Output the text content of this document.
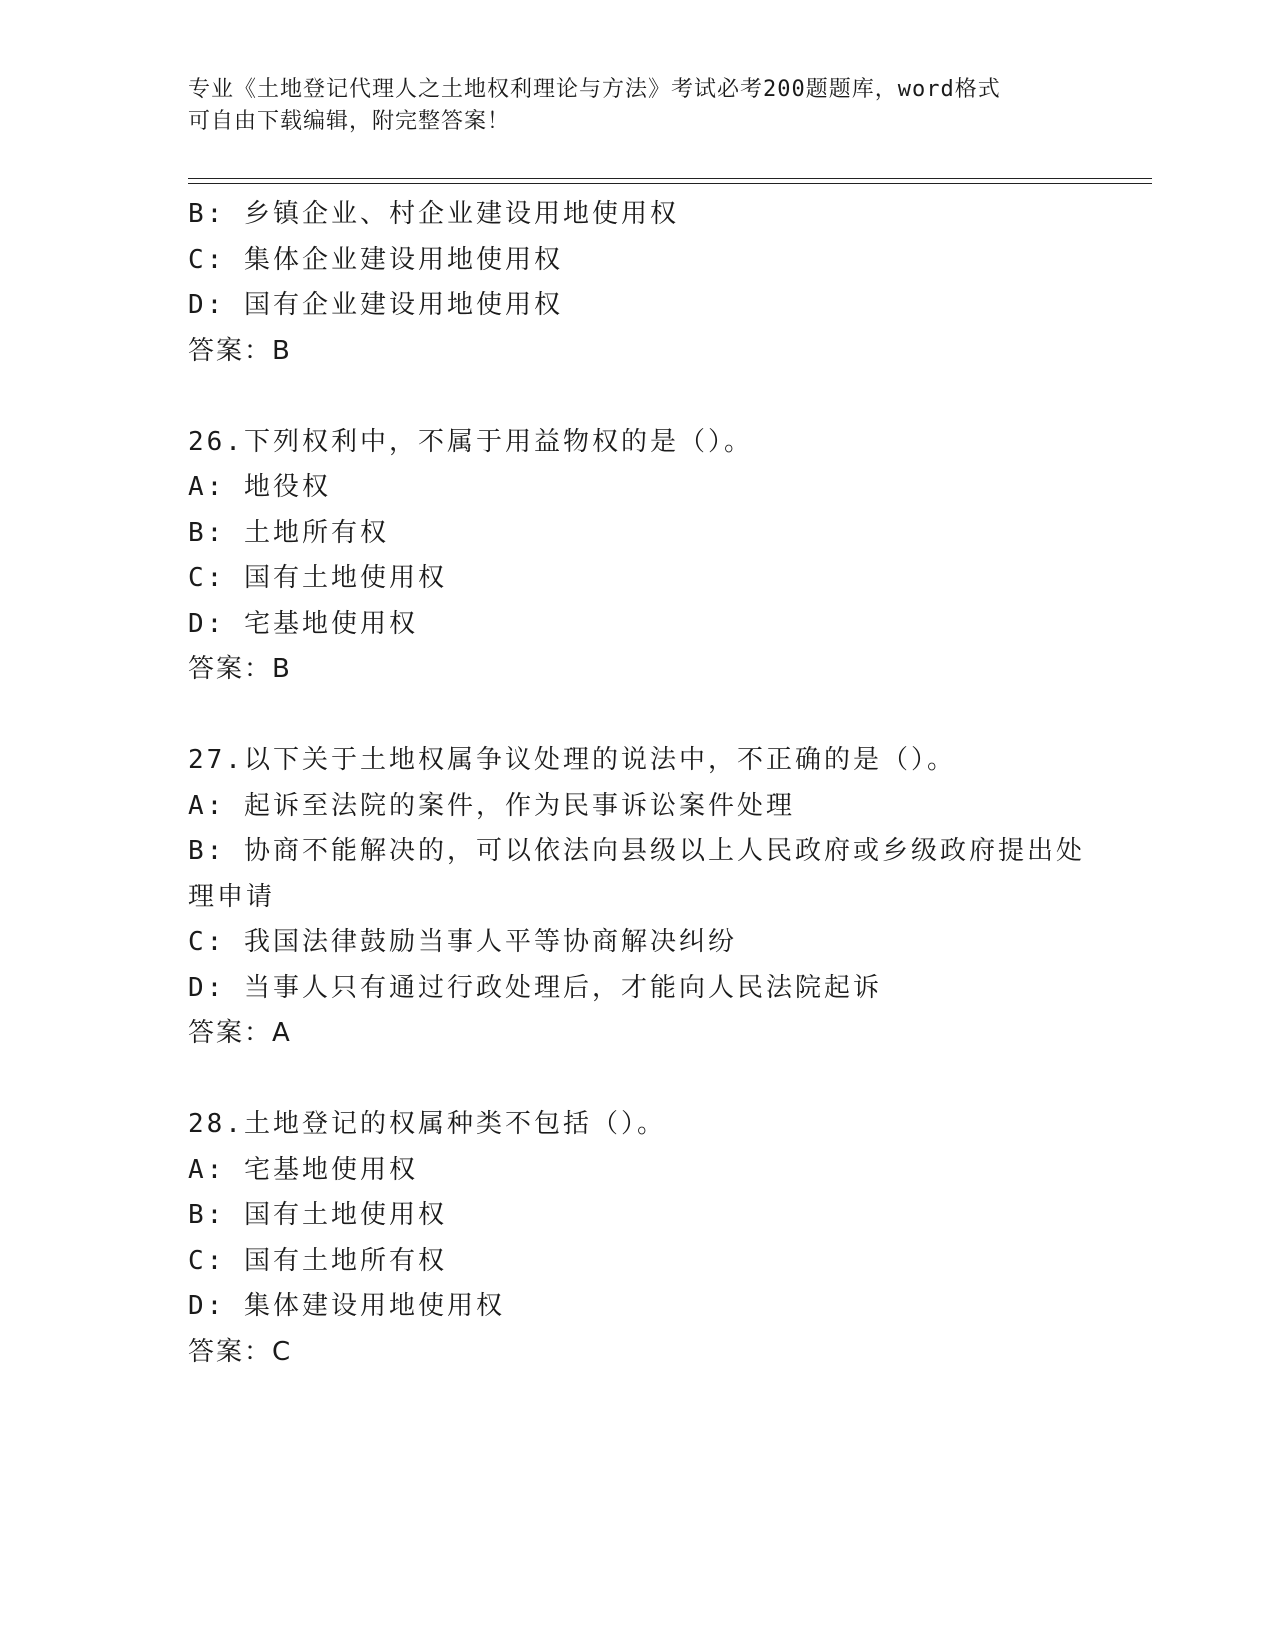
专业《土地登记代理人之土地权利理论与方法》考试必考200题题库，word格式
可自由下载编辑，附完整答案！
B: 乡镇企业、村企业建设用地使用权
C: 集体企业建设用地使用权
D: 国有企业建设用地使用权
答案：B
26.下列权利中，不属于用益物权的是（）。
A: 地役权
B: 土地所有权
C: 国有土地使用权
D: 宅基地使用权
答案：B
27.以下关于土地权属争议处理的说法中，不正确的是（）。
A: 起诉至法院的案件，作为民事诉讼案件处理
B: 协商不能解决的，可以依法向县级以上人民政府或乡级政府提出处
理申请
C: 我国法律鼓励当事人平等协商解决纠纷
D: 当事人只有通过行政处理后，才能向人民法院起诉
答案：A
28.土地登记的权属种类不包括（）。
A: 宅基地使用权
B: 国有土地使用权
C: 国有土地所有权
D: 集体建设用地使用权
答案：C
